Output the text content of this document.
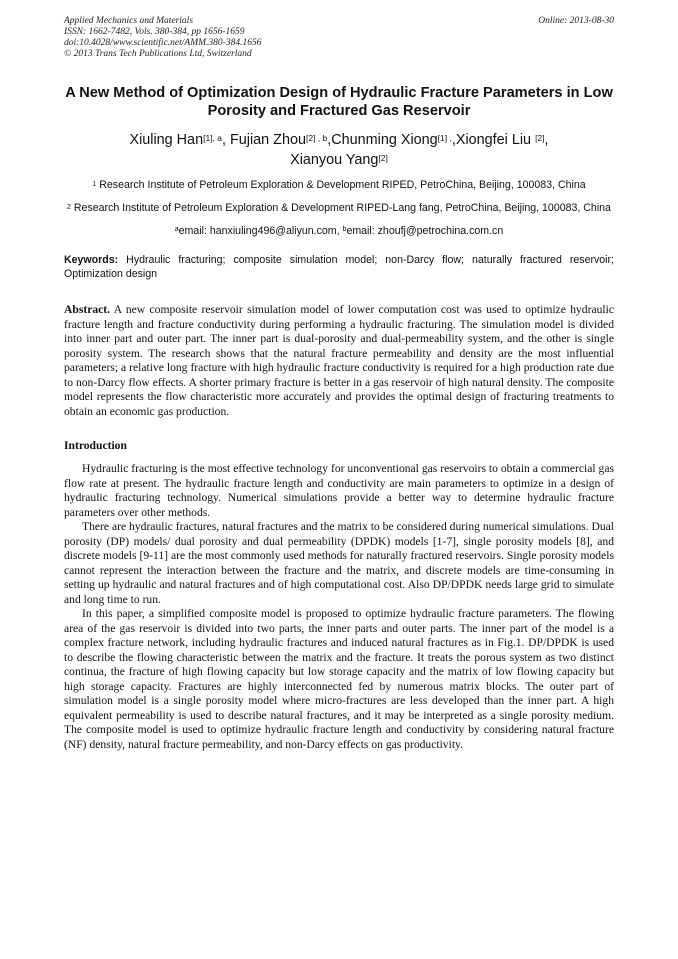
Applied Mechanics and Materials	Online: 2013-08-30
ISSN: 1662-7482, Vols. 380-384, pp 1656-1659
doi:10.4028/www.scientific.net/AMM.380-384.1656
© 2013 Trans Tech Publications Ltd, Switzerland
A New Method of Optimization Design of Hydraulic Fracture Parameters in Low Porosity and Fractured Gas Reservoir
Xiuling Han$^{[1], a}$, Fujian Zhou$^{[2] , b}$,Chunming Xiong$^{[1] ,}$,Xiongfei Liu [2],
Xianyou Yang[2]
$^1$ Research Institute of Petroleum Exploration & Development RIPED, PetroChina, Beijing, 100083, China
$^2$ Research Institute of Petroleum Exploration & Development RIPED-Lang fang, PetroChina, Beijing, 100083, China
$^a$email: hanxiuling496@aliyun.com, $^b$email: zhoufj@petrochina.com.cn
Keywords: Hydraulic fracturing; composite simulation model; non-Darcy flow; naturally fractured reservoir; Optimization design
Abstract. A new composite reservoir simulation model of lower computation cost was used to optimize hydraulic fracture length and fracture conductivity during performing a hydraulic fracturing. The simulation model is divided into inner part and outer part. The inner part is dual-porosity and dual-permeability system, and the other is single porosity system. The research shows that the natural fracture permeability and density are the most influential parameters; a relative long fracture with high hydraulic fracture conductivity is required for a high production rate due to non-Darcy flow effects. A shorter primary fracture is better in a gas reservoir of high natural density. The composite model represents the flow characteristic more accurately and provides the optimal design of fracturing treatments to obtain an economic gas production.
Introduction
Hydraulic fracturing is the most effective technology for unconventional gas reservoirs to obtain a commercial gas flow rate at present. The hydraulic fracture length and conductivity are main parameters to optimize in a design of hydraulic fracturing technology. Numerical simulations provide a better way to determine hydraulic fracture parameters over other methods.
There are hydraulic fractures, natural fractures and the matrix to be considered during numerical simulations. Dual porosity (DP) models/ dual porosity and dual permeability (DPDK) models [1-7], single porosity models [8], and discrete models [9-11] are the most commonly used methods for naturally fractured reservoirs. Single porosity models cannot represent the interaction between the fracture and the matrix, and discrete models are time-consuming in setting up hydraulic and natural fractures and of high computational cost. Also DP/DPDK needs large grid to simulate and long time to run.
In this paper, a simplified composite model is proposed to optimize hydraulic fracture parameters. The flowing area of the gas reservoir is divided into two parts, the inner parts and outer parts. The inner part of the model is a complex fracture network, including hydraulic fractures and induced natural fractures as in Fig.1. DP/DPDK is used to describe the flowing characteristic between the matrix and the fracture. It treats the porous system as two distinct continua, the fracture of high flowing capacity but low storage capacity and the matrix of low flowing capacity but high storage capacity. Fractures are highly interconnected fed by numerous matrix blocks. The outer part of simulation model is a single porosity model where micro-fractures are less developed than the inner part. A high equivalent permeability is used to describe natural fractures, and it may be interpreted as a single porosity medium. The composite model is used to optimize hydraulic fracture length and conductivity by considering natural fracture (NF) density, natural fracture permeability, and non-Darcy effects on gas productivity.
